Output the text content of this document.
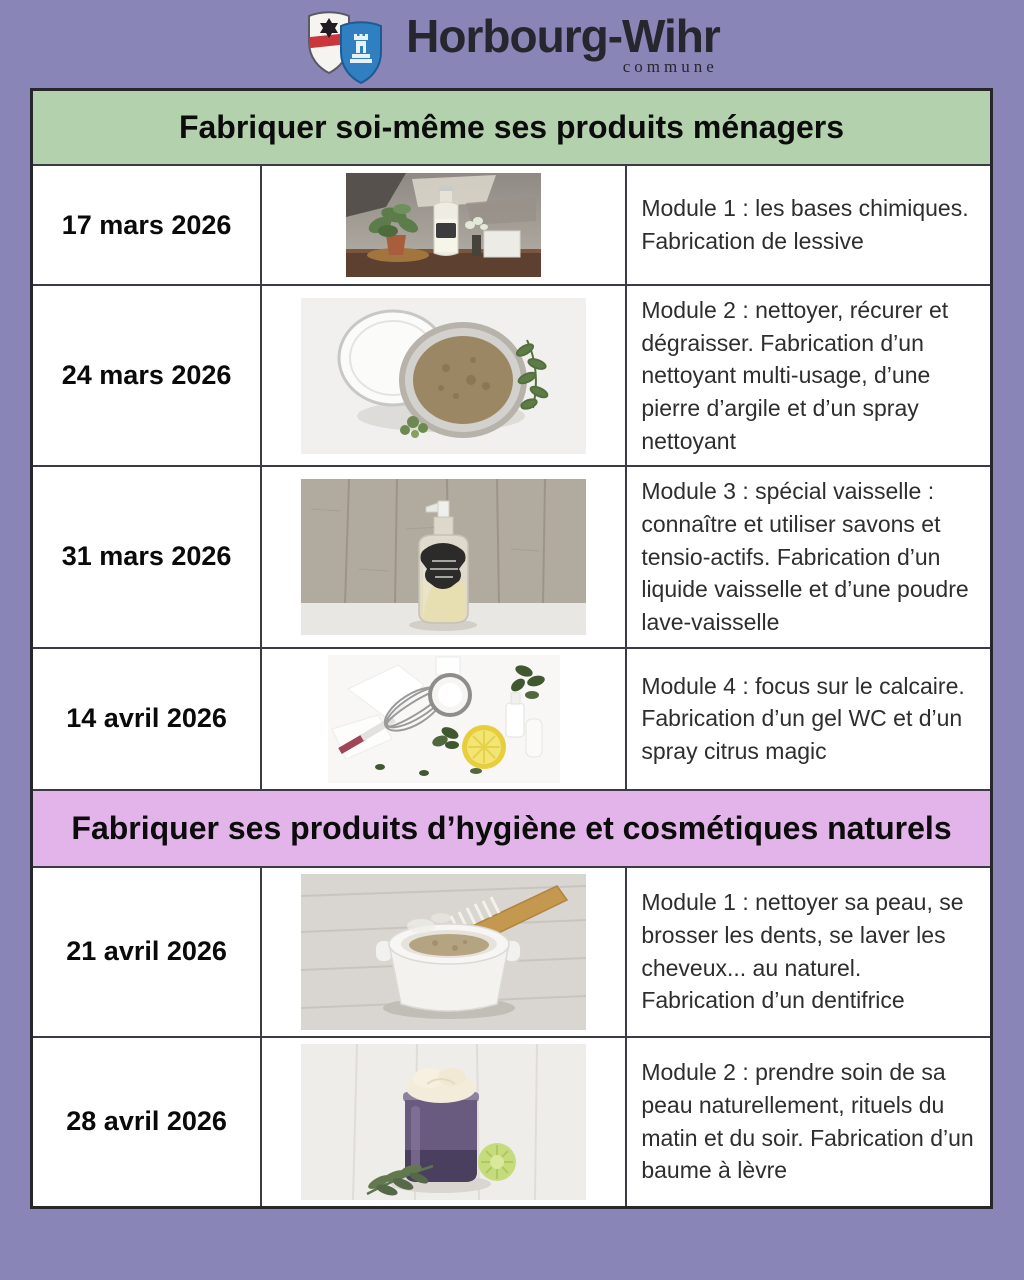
Horbourg-Wihr
commune
Fabriquer soi-même ses produits ménagers		
17 mars 2026		Module 1 : les bases chimiques. Fabrication de lessive
24 mars 2026		Module 2 : nettoyer, récurer et dégraisser. Fabrication d’un nettoyant multi-usage, d’une pierre d’argile et d’un spray nettoyant
31 mars 2026		Module 3 : spécial vaisselle : connaître et utiliser savons et tensio-actifs. Fabrication d’un liquide vaisselle et d’une poudre lave-vaisselle
14 avril 2026		Module 4 : focus sur le calcaire. Fabrication d’un gel WC et d’un spray citrus magic
Fabriquer ses produits d’hygiène et cosmétiques naturels		
21 avril 2026		Module 1 : nettoyer sa peau, se brosser les dents, se laver les cheveux... au naturel. Fabrication d’un dentifrice
28 avril 2026		Module 2 : prendre soin de sa peau naturellement, rituels du matin et du soir. Fabrication d’un baume à lèvre
